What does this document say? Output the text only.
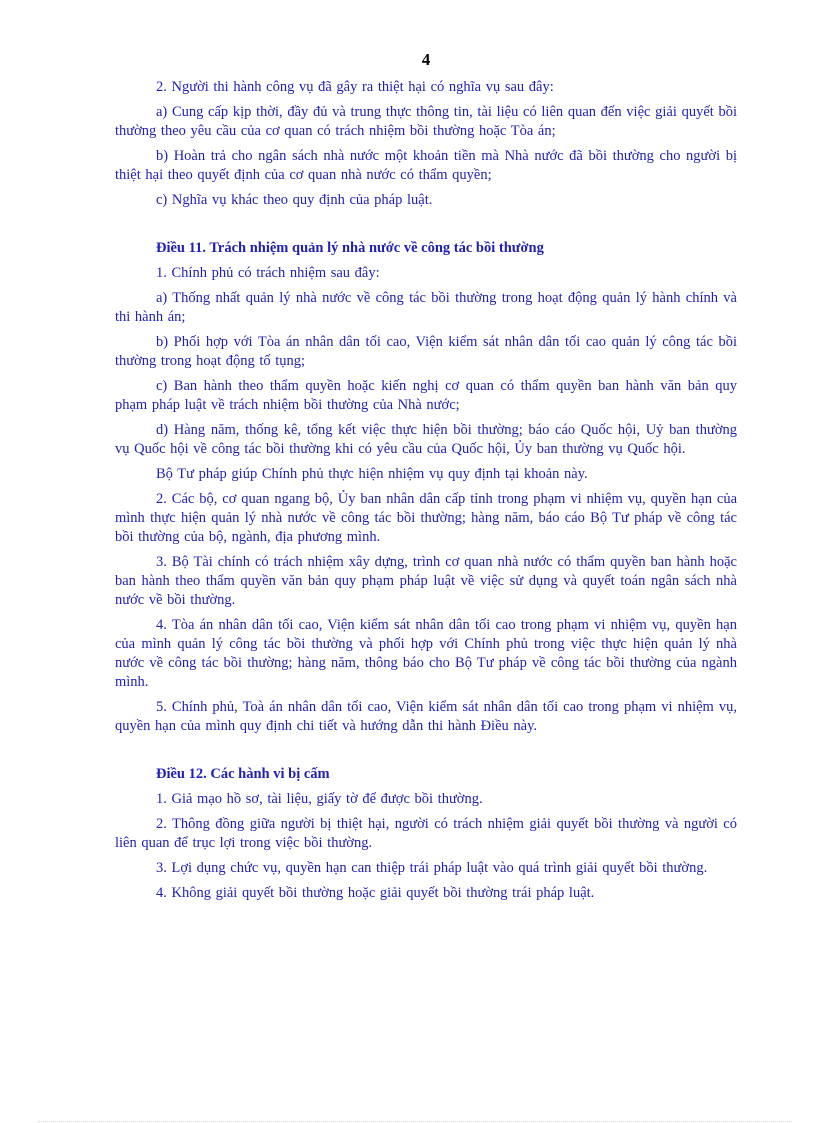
4

2. Người thi hành công vụ đã gây ra thiệt hại có nghĩa vụ sau đây:

a) Cung cấp kịp thời, đầy đủ và trung thực thông tin, tài liệu có liên quan đến việc giải quyết bồi thường theo yêu cầu của cơ quan có trách nhiệm bồi thường hoặc Tòa án;

b) Hoàn trả cho ngân sách nhà nước một khoản tiền mà Nhà nước đã bồi thường cho người bị thiệt hại theo quyết định của cơ quan nhà nước có thẩm quyền;

c) Nghĩa vụ khác theo quy định của pháp luật.

Điều 11. Trách nhiệm quản lý nhà nước về công tác bồi thường

1. Chính phủ có trách nhiệm sau đây:

a) Thống nhất quản lý nhà nước về công tác bồi thường trong hoạt động quản lý hành chính và thi hành án;

b) Phối hợp với Tòa án nhân dân tối cao, Viện kiểm sát nhân dân tối cao quản lý công tác bồi thường trong hoạt động tố tụng;

c) Ban hành theo thẩm quyền hoặc kiến nghị cơ quan có thẩm quyền ban hành văn bản quy phạm pháp luật về trách nhiệm bồi thường của Nhà nước;

d) Hàng năm, thống kê, tổng kết việc thực hiện bồi thường; báo cáo Quốc hội, Uỷ ban thường vụ Quốc hội về công tác bồi thường khi có yêu cầu của Quốc hội, Ủy ban thường vụ Quốc hội.

Bộ Tư pháp giúp Chính phủ thực hiện nhiệm vụ quy định tại khoản này.

2. Các bộ, cơ quan ngang bộ, Ủy ban nhân dân cấp tỉnh trong phạm vi nhiệm vụ, quyền hạn của mình thực hiện quản lý nhà nước về công tác bồi thường; hàng năm, báo cáo Bộ Tư pháp về công tác bồi thường của bộ, ngành, địa phương mình.

3. Bộ Tài chính có trách nhiệm xây dựng, trình cơ quan nhà nước có thẩm quyền ban hành hoặc ban hành theo thẩm quyền văn bản quy phạm pháp luật về việc sử dụng và quyết toán ngân sách nhà nước về bồi thường.

4. Tòa án nhân dân tối cao, Viện kiểm sát nhân dân tối cao trong phạm vi nhiệm vụ, quyền hạn của mình quản lý công tác bồi thường và phối hợp với Chính phủ trong việc thực hiện quản lý nhà nước về công tác bồi thường; hàng năm, thông báo cho Bộ Tư pháp về công tác bồi thường của ngành mình.

5. Chính phủ, Toà án nhân dân tối cao, Viện kiểm sát nhân dân tối cao trong phạm vi nhiệm vụ, quyền hạn của mình quy định chi tiết và hướng dẫn thi hành Điều này.

Điều 12. Các hành vi bị cấm

1. Giả mạo hồ sơ, tài liệu, giấy tờ để được bồi thường.

2. Thông đồng giữa người bị thiệt hại, người có trách nhiệm giải quyết bồi thường và người có liên quan để trục lợi trong việc bồi thường.

3. Lợi dụng chức vụ, quyền hạn can thiệp trái pháp luật vào quá trình giải quyết bồi thường.

4. Không giải quyết bồi thường hoặc giải quyết bồi thường trái pháp luật.
